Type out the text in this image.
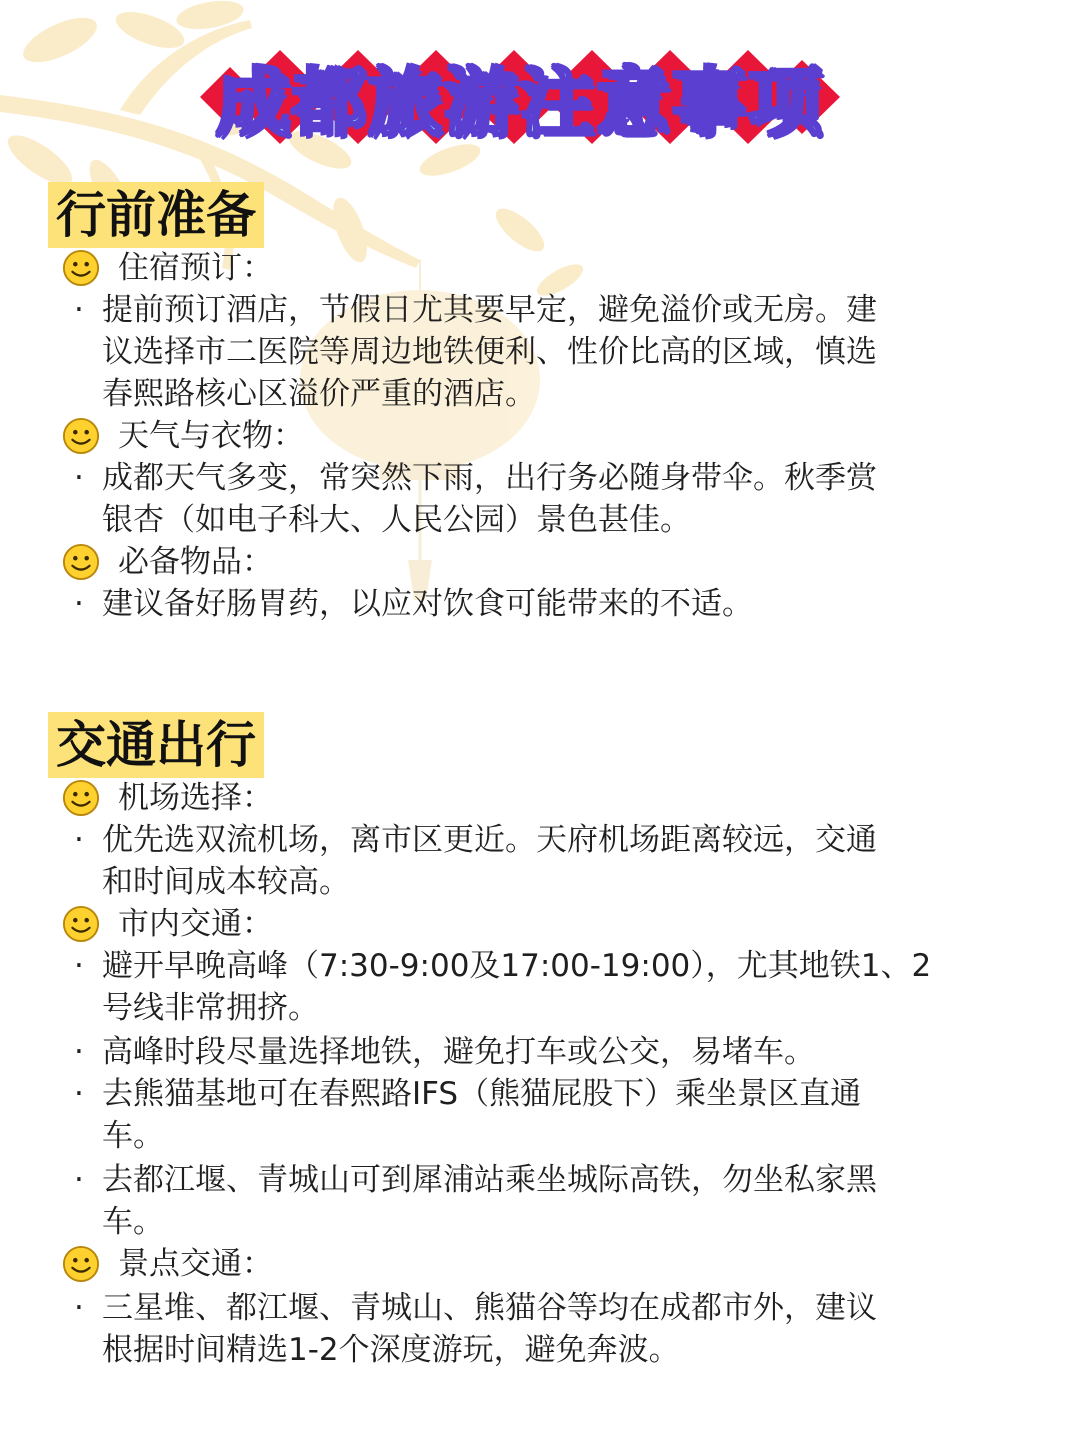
成都旅游注意事项
行前准备
住宿预订：
· 提前预订酒店，节假日尤其要早定，避免溢价或无房。建
议选择市二医院等周边地铁便利、性价比高的区域，慎选
春熙路核心区溢价严重的酒店。
天气与衣物：
· 成都天气多变，常突然下雨，出行务必随身带伞。秋季赏
银杏（如电子科大、人民公园）景色甚佳。
必备物品：
· 建议备好肠胃药，以应对饮食可能带来的不适。
交通出行
机场选择：
· 优先选双流机场，离市区更近。天府机场距离较远，交通
和时间成本较高。
市内交通：
· 避开早晚高峰（7:30-9:00及17:00-19:00），尤其地铁1、2
号线非常拥挤。
· 高峰时段尽量选择地铁，避免打车或公交，易堵车。
· 去熊猫基地可在春熙路IFS（熊猫屁股下）乘坐景区直通
车。
· 去都江堰、青城山可到犀浦站乘坐城际高铁，勿坐私家黑
车。
景点交通：
· 三星堆、都江堰、青城山、熊猫谷等均在成都市外，建议
根据时间精选1-2个深度游玩，避免奔波。
